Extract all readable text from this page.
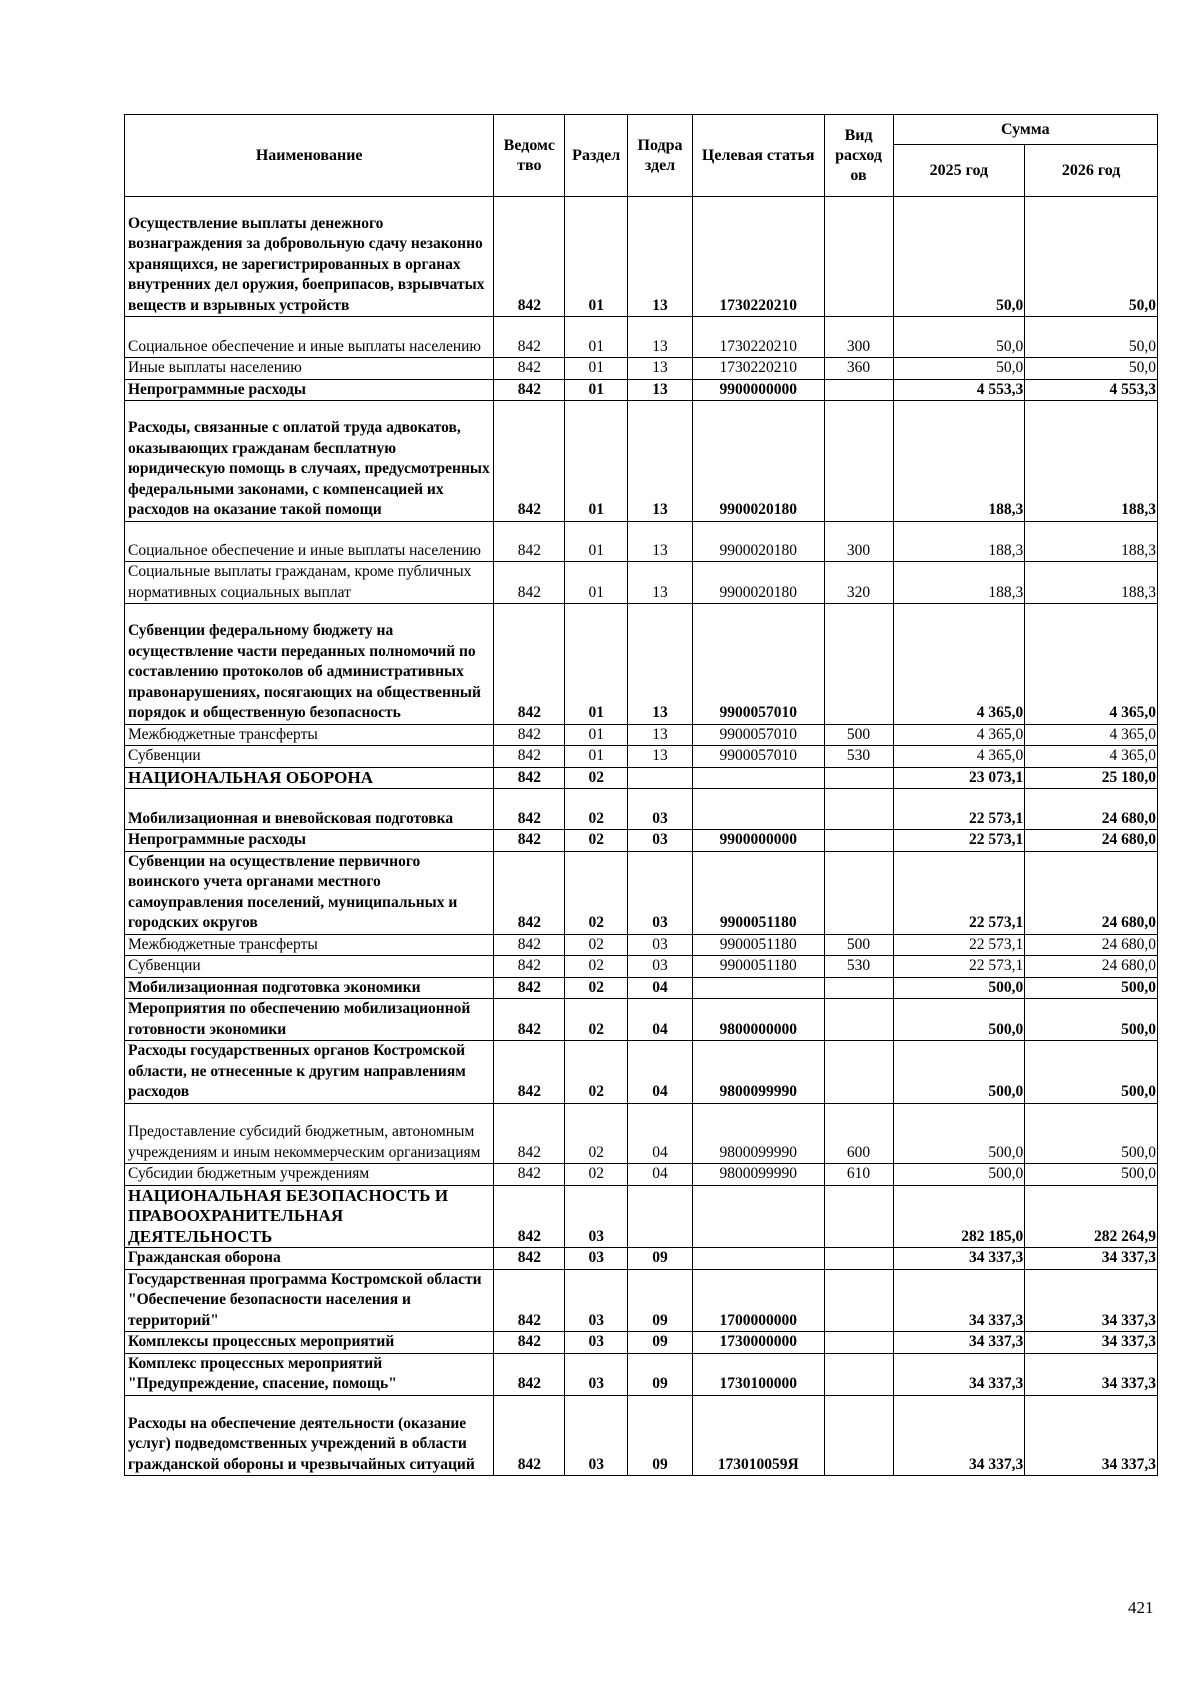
Наименование	Ведомс тво	Раздел	Подра здел	Целевая статья	Вид расход ов	Сумма	
						2025 год	2026 год
Осуществление выплаты денежного вознаграждения за добровольную сдачу незаконно хранящихся, не зарегистрированных в органах внутренних дел оружия, боеприпасов, взрывчатых веществ и взрывных устройств	842	01	13	1730220210		50,0	50,0
Социальное обеспечение и иные выплаты населению	842	01	13	1730220210	300	50,0	50,0
Иные выплаты населению	842	01	13	1730220210	360	50,0	50,0
Непрограммные расходы	842	01	13	9900000000		4 553,3	4 553,3
Расходы, связанные с оплатой труда адвокатов, оказывающих гражданам бесплатную юридическую помощь в случаях, предусмотренных федеральными законами, с компенсацией их расходов на оказание такой помощи	842	01	13	9900020180		188,3	188,3
Социальное обеспечение и иные выплаты населению	842	01	13	9900020180	300	188,3	188,3
Социальные выплаты гражданам, кроме публичных нормативных социальных выплат	842	01	13	9900020180	320	188,3	188,3
Субвенции федеральному бюджету на осуществление части переданных полномочий по составлению протоколов об административных правонарушениях, посягающих на общественный порядок и общественную безопасность	842	01	13	9900057010		4 365,0	4 365,0
Межбюджетные трансферты	842	01	13	9900057010	500	4 365,0	4 365,0
Субвенции	842	01	13	9900057010	530	4 365,0	4 365,0
НАЦИОНАЛЬНАЯ ОБОРОНА	842	02				23 073,1	25 180,0
Мобилизационная и вневойсковая подготовка	842	02	03			22 573,1	24 680,0
Непрограммные расходы	842	02	03	9900000000		22 573,1	24 680,0
Субвенции на осуществление первичного воинского учета органами местного самоуправления поселений, муниципальных и городских округов	842	02	03	9900051180		22 573,1	24 680,0
Межбюджетные трансферты	842	02	03	9900051180	500	22 573,1	24 680,0
Субвенции	842	02	03	9900051180	530	22 573,1	24 680,0
Мобилизационная подготовка экономики	842	02	04			500,0	500,0
Мероприятия по обеспечению мобилизационной готовности экономики	842	02	04	9800000000		500,0	500,0
Расходы государственных органов Костромской области, не отнесенные к другим направлениям расходов	842	02	04	9800099990		500,0	500,0
Предоставление субсидий бюджетным, автономным учреждениям и иным некоммерческим организациям	842	02	04	9800099990	600	500,0	500,0
Субсидии бюджетным учреждениям	842	02	04	9800099990	610	500,0	500,0
НАЦИОНАЛЬНАЯ БЕЗОПАСНОСТЬ И ПРАВООХРАНИТЕЛЬНАЯ ДЕЯТЕЛЬНОСТЬ	842	03				282 185,0	282 264,9
Гражданская оборона	842	03	09			34 337,3	34 337,3
Государственная программа Костромской области "Обеспечение безопасности населения и территорий"	842	03	09	1700000000		34 337,3	34 337,3
Комплексы процессных мероприятий	842	03	09	1730000000		34 337,3	34 337,3
Комплекс процессных мероприятий "Предупреждение, спасение, помощь"	842	03	09	1730100000		34 337,3	34 337,3
Расходы на обеспечение деятельности (оказание услуг) подведомственных учреждений в области гражданской обороны и чрезвычайных ситуаций	842	03	09	173010059Я		34 337,3	34 337,3
421
